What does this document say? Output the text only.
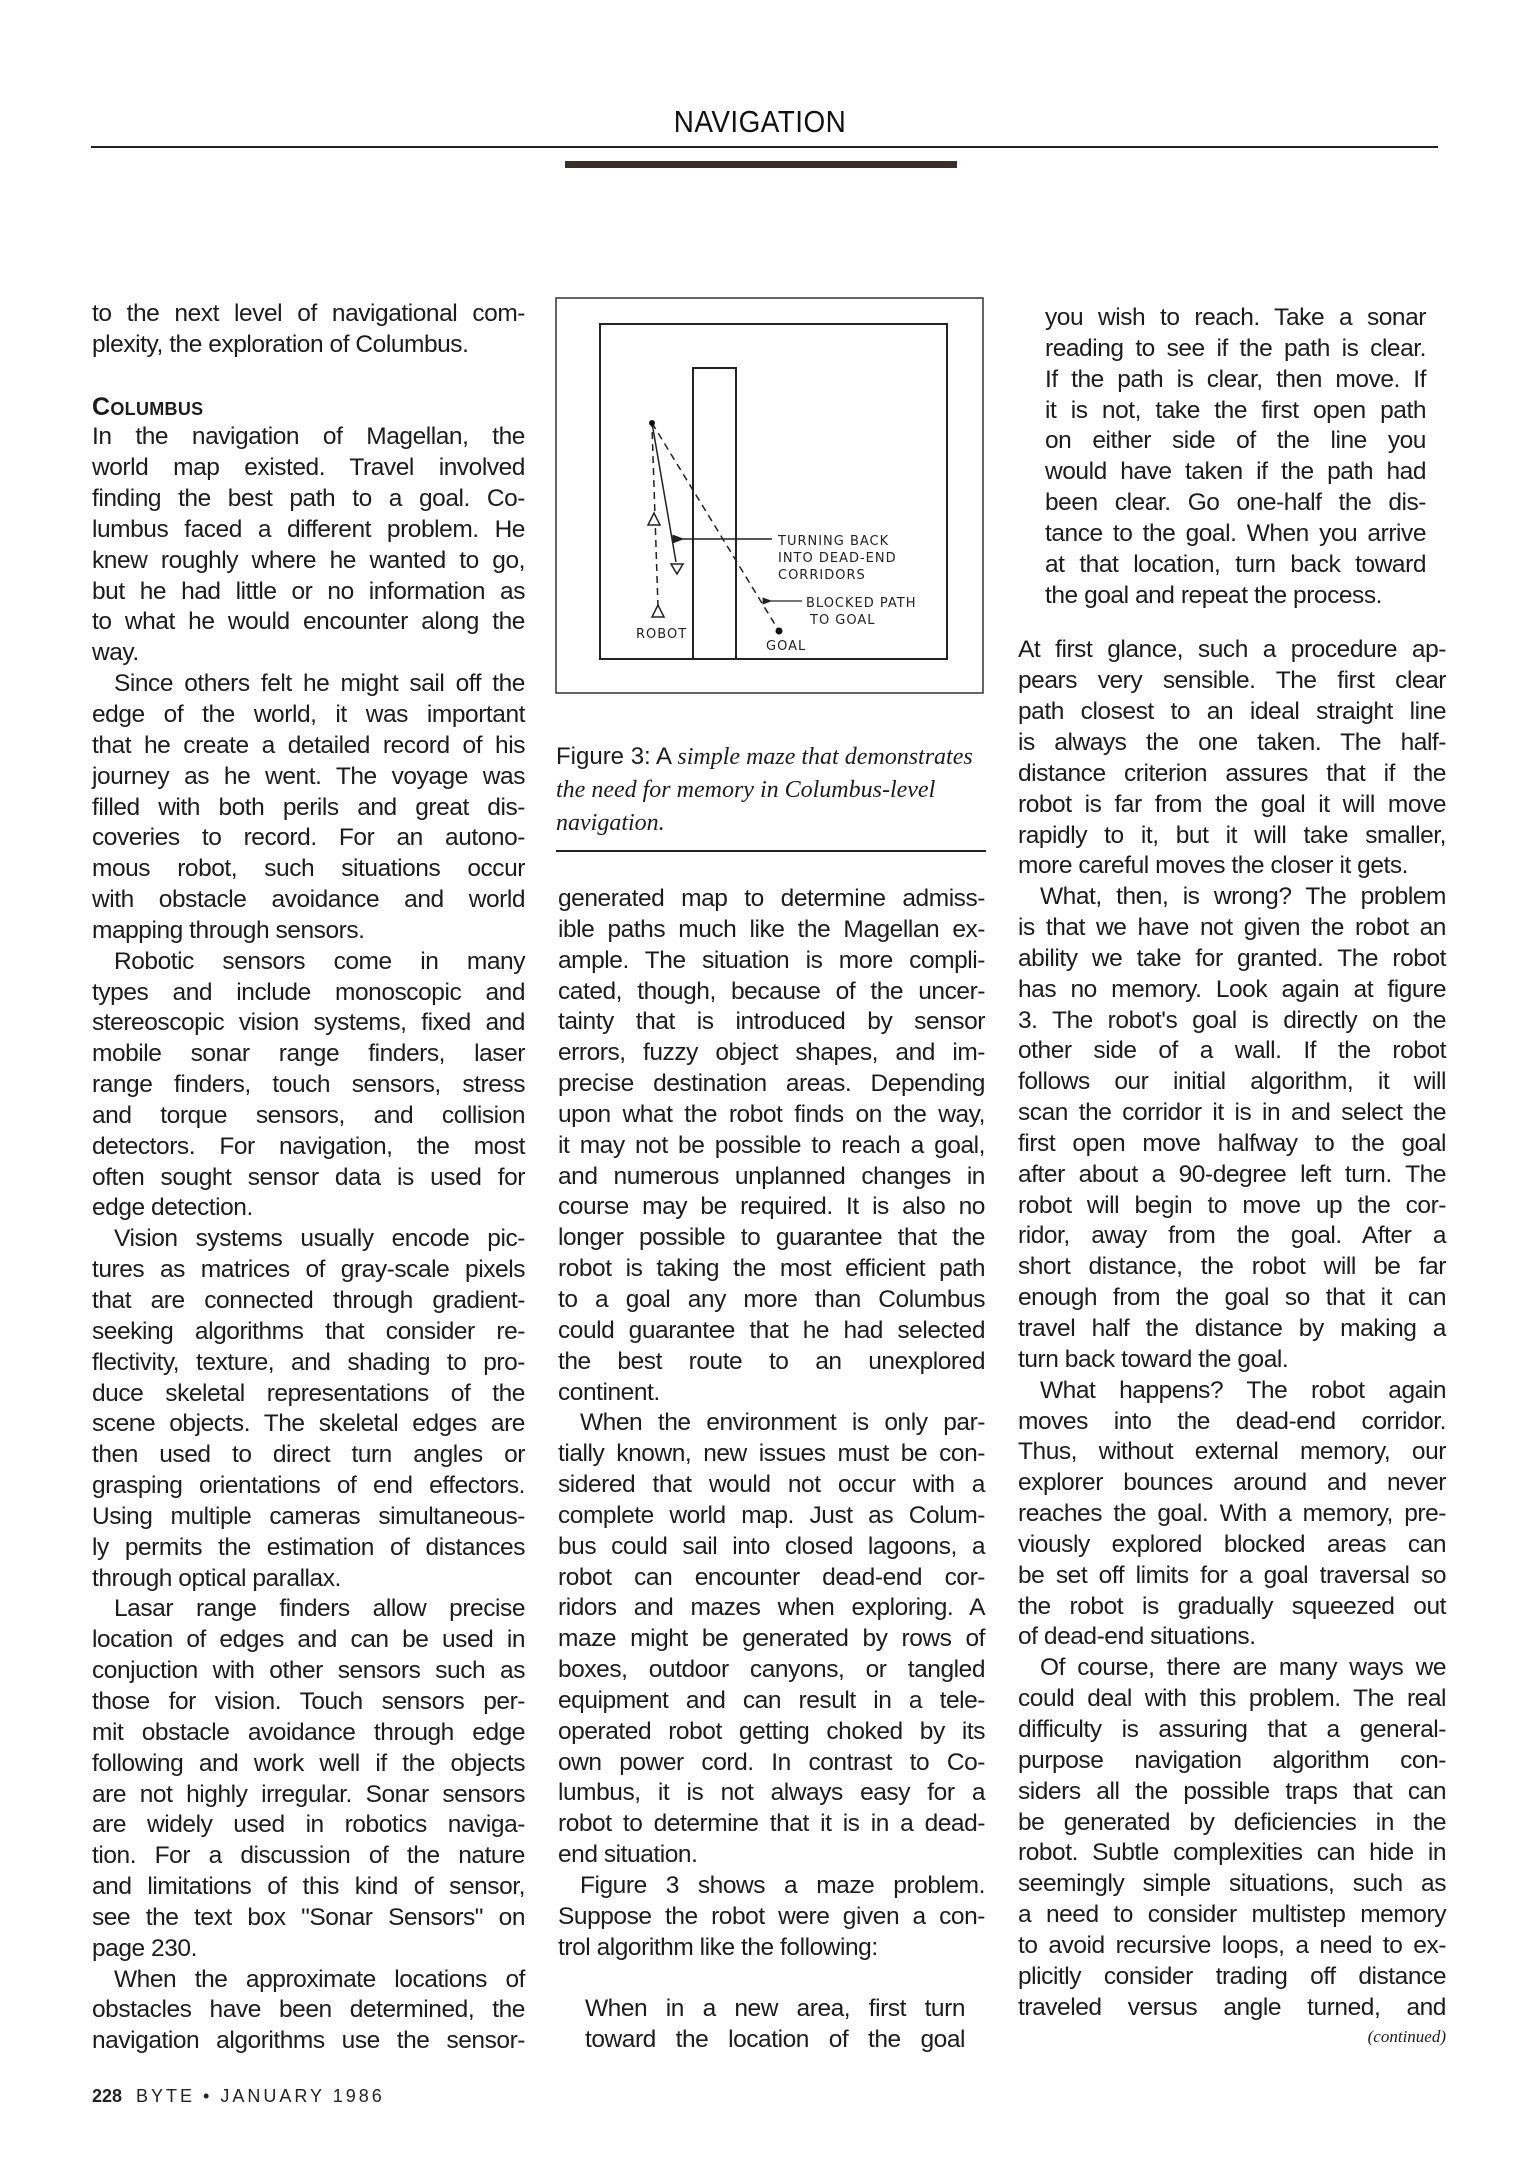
NAVIGATION
to the next level of navigational com-
plexity, the exploration of Columbus.
Columbus
In the navigation of Magellan, the
world map existed. Travel involved
finding the best path to a goal. Co-
lumbus faced a different problem. He
knew roughly where he wanted to go,
but he had little or no information as
to what he would encounter along the
way.
Since others felt he might sail off the
edge of the world, it was important
that he create a detailed record of his
journey as he went. The voyage was
filled with both perils and great dis-
coveries to record. For an autono-
mous robot, such situations occur
with obstacle avoidance and world
mapping through sensors.
Robotic sensors come in many
types and include monoscopic and
stereoscopic vision systems, fixed and
mobile sonar range finders, laser
range finders, touch sensors, stress
and torque sensors, and collision
detectors. For navigation, the most
often sought sensor data is used for
edge detection.
Vision systems usually encode pic-
tures as matrices of gray-scale pixels
that are connected through gradient-
seeking algorithms that consider re-
flectivity, texture, and shading to pro-
duce skeletal representations of the
scene objects. The skeletal edges are
then used to direct turn angles or
grasping orientations of end effectors.
Using multiple cameras simultaneous-
ly permits the estimation of distances
through optical parallax.
Lasar range finders allow precise
location of edges and can be used in
conjuction with other sensors such as
those for vision. Touch sensors per-
mit obstacle avoidance through edge
following and work well if the objects
are not highly irregular. Sonar sensors
are widely used in robotics naviga-
tion. For a discussion of the nature
and limitations of this kind of sensor,
see the text box "Sonar Sensors" on
page 230.
When the approximate locations of
obstacles have been determined, the
navigation algorithms use the sensor-
generated map to determine admiss-
ible paths much like the Magellan ex-
ample. The situation is more compli-
cated, though, because of the uncer-
tainty that is introduced by sensor
errors, fuzzy object shapes, and im-
precise destination areas. Depending
upon what the robot finds on the way,
it may not be possible to reach a goal,
and numerous unplanned changes in
course may be required. It is also no
longer possible to guarantee that the
robot is taking the most efficient path
to a goal any more than Columbus
could guarantee that he had selected
the best route to an unexplored
continent.
When the environment is only par-
tially known, new issues must be con-
sidered that would not occur with a
complete world map. Just as Colum-
bus could sail into closed lagoons, a
robot can encounter dead-end cor-
ridors and mazes when exploring. A
maze might be generated by rows of
boxes, outdoor canyons, or tangled
equipment and can result in a tele-
operated robot getting choked by its
own power cord. In contrast to Co-
lumbus, it is not always easy for a
robot to determine that it is in a dead-
end situation.
Figure 3 shows a maze problem.
Suppose the robot were given a con-
trol algorithm like the following:
When in a new area, first turn
toward the location of the goal
you wish to reach. Take a sonar
reading to see if the path is clear.
If the path is clear, then move. If
it is not, take the first open path
on either side of the line you
would have taken if the path had
been clear. Go one-half the dis-
tance to the goal. When you arrive
at that location, turn back toward
the goal and repeat the process.
At first glance, such a procedure ap-
pears very sensible. The first clear
path closest to an ideal straight line
is always the one taken. The half-
distance criterion assures that if the
robot is far from the goal it will move
rapidly to it, but it will take smaller,
more careful moves the closer it gets.
What, then, is wrong? The problem
is that we have not given the robot an
ability we take for granted. The robot
has no memory. Look again at figure
3. The robot's goal is directly on the
other side of a wall. If the robot
follows our initial algorithm, it will
scan the corridor it is in and select the
first open move halfway to the goal
after about a 90-degree left turn. The
robot will begin to move up the cor-
ridor, away from the goal. After a
short distance, the robot will be far
enough from the goal so that it can
travel half the distance by making a
turn back toward the goal.
What happens? The robot again
moves into the dead-end corridor.
Thus, without external memory, our
explorer bounces around and never
reaches the goal. With a memory, pre-
viously explored blocked areas can
be set off limits for a goal traversal so
the robot is gradually squeezed out
of dead-end situations.
Of course, there are many ways we
could deal with this problem. The real
difficulty is assuring that a general-
purpose navigation algorithm con-
siders all the possible traps that can
be generated by deficiencies in the
robot. Subtle complexities can hide in
seemingly simple situations, such as
a need to consider multistep memory
to avoid recursive loops, a need to ex-
plicitly consider trading off distance
traveled versus angle turned, and
(continued)
TURNING BACK
INTO DEAD-END
CORRIDORS
BLOCKED PATH
TO GOAL
ROBOT
GOAL
Figure 3: A simple maze that demonstrates the need for memory in Columbus-level navigation.
228 BYTE • JANUARY 1986
